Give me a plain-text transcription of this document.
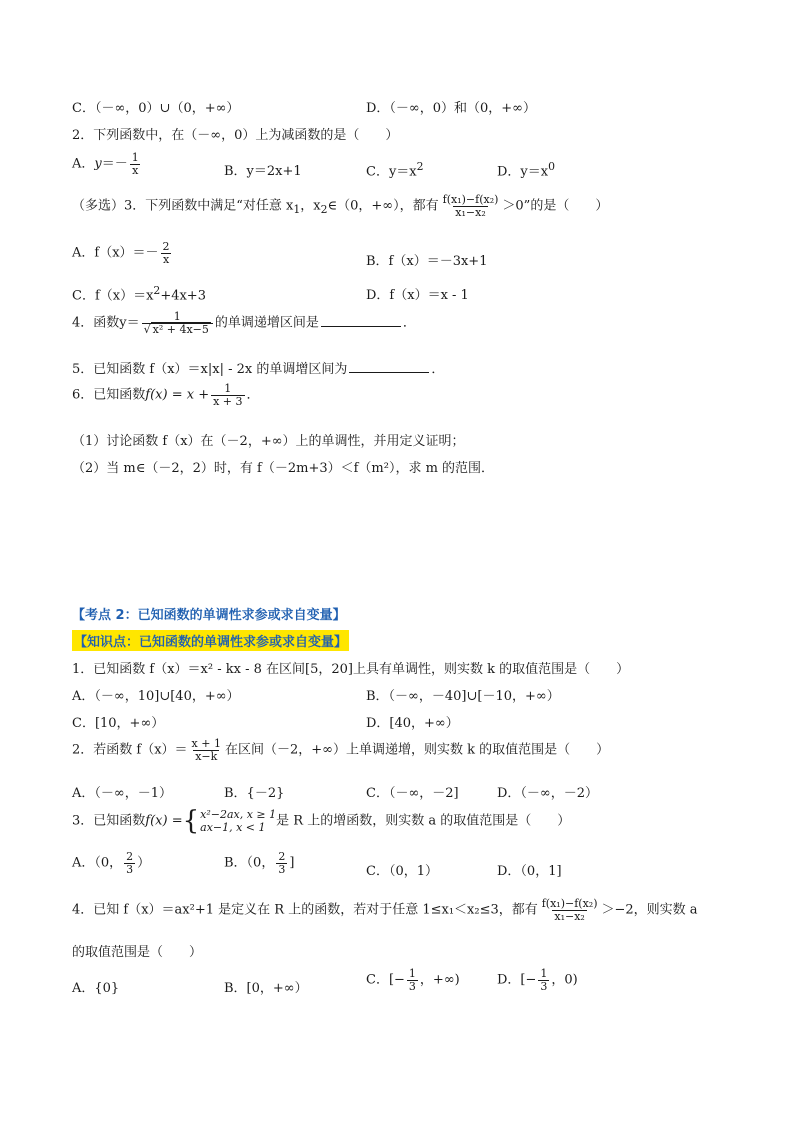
C．（－∞，0）∪（0，+∞）	D．（－∞，0）和（0，+∞）
2．下列函数中，在（－∞，0）上为减函数的是（　　）
A．$y=- \frac{1}{x}$	B．y＝2x+1	C．$y=x^2$	D．$y=x^0$
（多选）3．下列函数中满足“对任意 $x_1$，$x_2\in(0$，+∞），都有 $\frac{\text{f(x₁)−f(x₂)}}{\text{x₁−x₂}} >0$”的是（　　）
A．$f(x)=- \frac{2}{x}$	B．f（x）＝－3x+1
C．$f(x)=x^2+4x+3$	D．f（x）＝x - 1
4．函数$y= \frac{1}{\text{√ x² + 4x−5}}$ 的单调递增区间是	．
5．已知函数 f（x）＝x|x| - 2x 的单调增区间为	．
6．已知函数$f(x) = x + \frac{1}{x + 3}$ ．
（1）讨论函数 f（x）在（－2，+∞）上的单调性，并用定义证明；
（2）当 m∈（－2，2）时，有 f（－2m+3）＜f（m²），求 m 的范围．
【考点 2：已知函数的单调性求参或求自变量】
【知识点：已知函数的单调性求参或求自变量】
1．已知函数 f（x）＝x² - kx - 8 在区间[5，20]上具有单调性，则实数 k 的取值范围是（　　）
A．（－∞，10]∪[40，+∞）	B．（－∞，－40]∪[－10，+∞）
C．[10，+∞）	D．[40，+∞）
2．若函数 $f(x)= \frac{x + 1}{x-k}$ 在区间（－2，+∞）上单调递增，则实数 k 的取值范围是（　　）
A．（－∞，－1）	B．{－2}	C．（－∞，－2]	D．（－∞，－2）
3．已知函数f(x) = { x²−2ax, x ≥ 1
ax−1, x < 1 是 R 上的增函数，则实数 a 的取值范围是（　　）
A．（0， $\frac{2}{3}$ ）	B．（0， $\frac{2}{3}$ ]
C．（0，1）	D．（0，1]
4．已知 f（x）＝ax²+1 是定义在 R 上的函数，若对于任意 1≤x₁＜x₂≤3，都有 $\frac{\text{f(x₁)−f(x₂)}}{\text{x₁−x₂}} >-2$，则实数 a
的取值范围是（　　）
A．{0}	B．[0，+∞）
C．[− $\frac{1}{3}$ ，+∞)	D．[− $\frac{1}{3}$ ，0)
